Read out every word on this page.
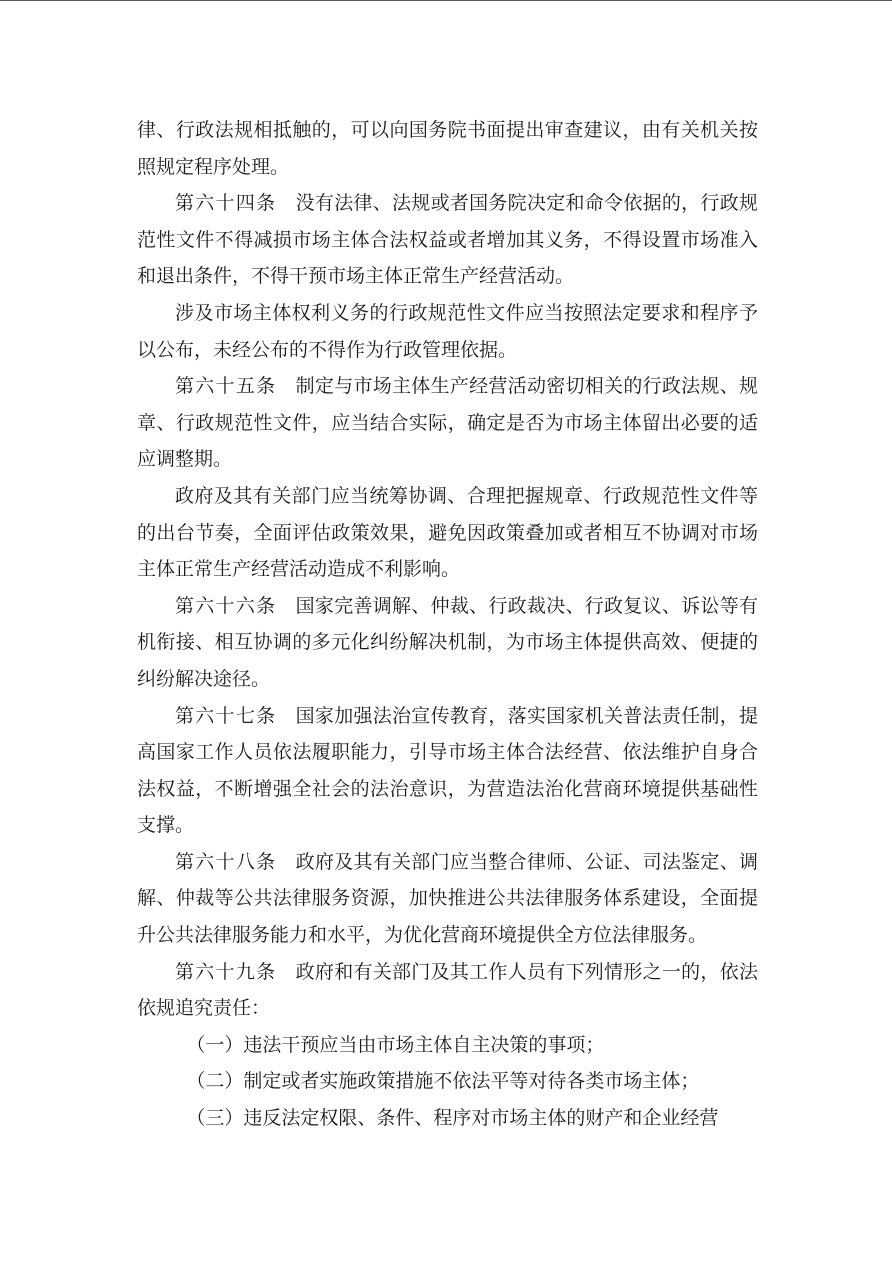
律、行政法规相抵触的，可以向国务院书面提出审查建议，由有关机关按照规定程序处理。

第六十四条　 没有法律、法规或者国务院决定和命令依据的，行政规范性文件不得减损市场主体合法权益或者增加其义务，不得设置市场准入和退出条件，不得干预市场主体正常生产经营活动。

涉及市场主体权利义务的行政规范性文件应当按照法定要求和程序予以公布，未经公布的不得作为行政管理依据。

第六十五条　 制定与市场主体生产经营活动密切相关的行政法规、规章、行政规范性文件，应当结合实际，确定是否为市场主体留出必要的适应调整期。

政府及其有关部门应当统筹协调、合理把握规章、行政规范性文件等的出台节奏，全面评估政策效果，避免因政策叠加或者相互不协调对市场主体正常生产经营活动造成不利影响。

第六十六条　 国家完善调解、仲裁、行政裁决、行政复议、诉讼等有机衔接、相互协调的多元化纠纷解决机制，为市场主体提供高效、便捷的纠纷解决途径。

第六十七条　 国家加强法治宣传教育，落实国家机关普法责任制，提高国家工作人员依法履职能力，引导市场主体合法经营、依法维护自身合法权益，不断增强全社会的法治意识，为营造法治化营商环境提供基础性支撑。

第六十八条　 政府及其有关部门应当整合律师、公证、司法鉴定、调解、仲裁等公共法律服务资源，加快推进公共法律服务体系建设，全面提升公共法律服务能力和水平，为优化营商环境提供全方位法律服务。

第六十九条　 政府和有关部门及其工作人员有下列情形之一的，依法依规追究责任：

（一）违法干预应当由市场主体自主决策的事项；

（二）制定或者实施政策措施不依法平等对待各类市场主体；

（三）违反法定权限、条件、程序对市场主体的财产和企业经营
